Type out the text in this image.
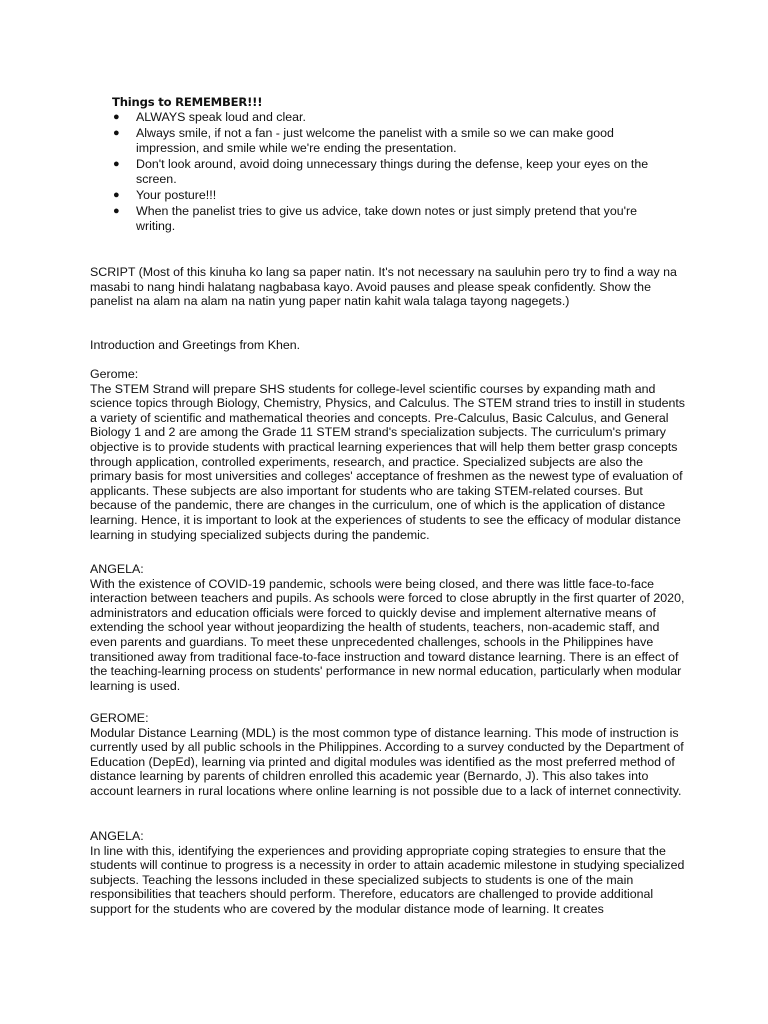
Things to REMEMBER!!!
● ALWAYS speak loud and clear.
● Always smile, if not a fan - just welcome the panelist with a smile so we can make good impression, and smile while we're ending the presentation.
● Don't look around, avoid doing unnecessary things during the defense, keep your eyes on the screen.
● Your posture!!!
● When the panelist tries to give us advice, take down notes or just simply pretend that you're writing.

SCRIPT (Most of this kinuha ko lang sa paper natin. It's not necessary na sauluhin pero try to find a way na masabi to nang hindi halatang nagbabasa kayo. Avoid pauses and please speak confidently. Show the panelist na alam na alam na natin yung paper natin kahit wala talaga tayong nagegets.)

Introduction and Greetings from Khen.

Gerome:

The STEM Strand will prepare SHS students for college-level scientific courses by expanding math and science topics through Biology, Chemistry, Physics, and Calculus. The STEM strand tries to instill in students a variety of scientific and mathematical theories and concepts. Pre-Calculus, Basic Calculus, and General Biology 1 and 2 are among the Grade 11 STEM strand's specialization subjects. The curriculum's primary objective is to provide students with practical learning experiences that will help them better grasp concepts through application, controlled experiments, research, and practice. Specialized subjects are also the primary basis for most universities and colleges' acceptance of freshmen as the newest type of evaluation of applicants. These subjects are also important for students who are taking STEM-related courses. But because of the pandemic, there are changes in the curriculum, one of which is the application of distance learning. Hence, it is important to look at the experiences of students to see the efficacy of modular distance learning in studying specialized subjects during the pandemic.

ANGELA:

With the existence of COVID-19 pandemic, schools were being closed, and there was little face-to-face interaction between teachers and pupils. As schools were forced to close abruptly in the first quarter of 2020, administrators and education officials were forced to quickly devise and implement alternative means of extending the school year without jeopardizing the health of students, teachers, non-academic staff, and even parents and guardians. To meet these unprecedented challenges, schools in the Philippines have transitioned away from traditional face-to-face instruction and toward distance learning. There is an effect of the teaching-learning process on students' performance in new normal education, particularly when modular learning is used.

GEROME:

Modular Distance Learning (MDL) is the most common type of distance learning. This mode of instruction is currently used by all public schools in the Philippines. According to a survey conducted by the Department of Education (DepEd), learning via printed and digital modules was identified as the most preferred method of distance learning by parents of children enrolled this academic year (Bernardo, J). This also takes into account learners in rural locations where online learning is not possible due to a lack of internet connectivity.

ANGELA:

In line with this, identifying the experiences and providing appropriate coping strategies to ensure that the students will continue to progress is a necessity in order to attain academic milestone in studying specialized subjects. Teaching the lessons included in these specialized subjects to students is one of the main responsibilities that teachers should perform. Therefore, educators are challenged to provide additional support for the students who are covered by the modular distance mode of learning. It creates
